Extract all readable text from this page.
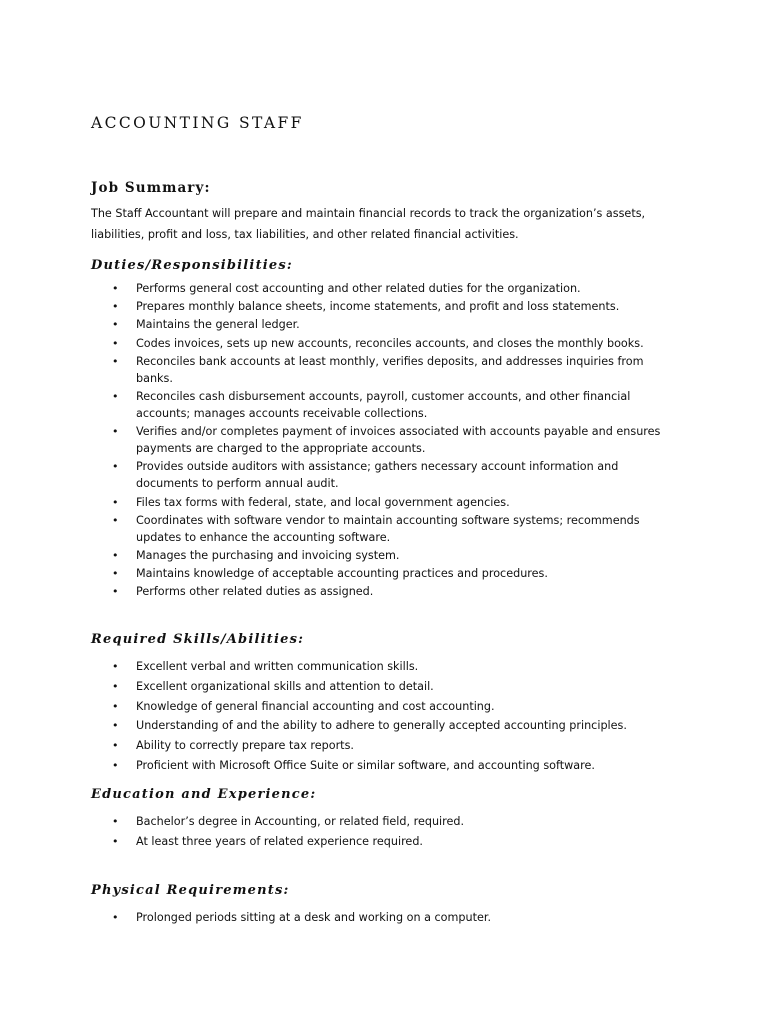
ACCOUNTING STAFF
Job Summary:

The Staff Accountant will prepare and maintain financial records to track the organization’s assets,
liabilities, profit and loss, tax liabilities, and other related financial activities.

Duties/Responsibilities:
• Performs general cost accounting and other related duties for the organization.
• Prepares monthly balance sheets, income statements, and profit and loss statements.
• Maintains the general ledger.
• Codes invoices, sets up new accounts, reconciles accounts, and closes the monthly books.
• Reconciles bank accounts at least monthly, verifies deposits, and addresses inquiries from
banks.
• Reconciles cash disbursement accounts, payroll, customer accounts, and other financial
accounts; manages accounts receivable collections.
• Verifies and/or completes payment of invoices associated with accounts payable and ensures
payments are charged to the appropriate accounts.
• Provides outside auditors with assistance; gathers necessary account information and
documents to perform annual audit.
• Files tax forms with federal, state, and local government agencies.
• Coordinates with software vendor to maintain accounting software systems; recommends
updates to enhance the accounting software.
• Manages the purchasing and invoicing system.
• Maintains knowledge of acceptable accounting practices and procedures.
• Performs other related duties as assigned.
Required Skills/Abilities:
• Excellent verbal and written communication skills.
• Excellent organizational skills and attention to detail.
• Knowledge of general financial accounting and cost accounting.
• Understanding of and the ability to adhere to generally accepted accounting principles.
• Ability to correctly prepare tax reports.
• Proficient with Microsoft Office Suite or similar software, and accounting software.
Education and Experience:
• Bachelor’s degree in Accounting, or related field, required.
• At least three years of related experience required.
Physical Requirements:
• Prolonged periods sitting at a desk and working on a computer.
